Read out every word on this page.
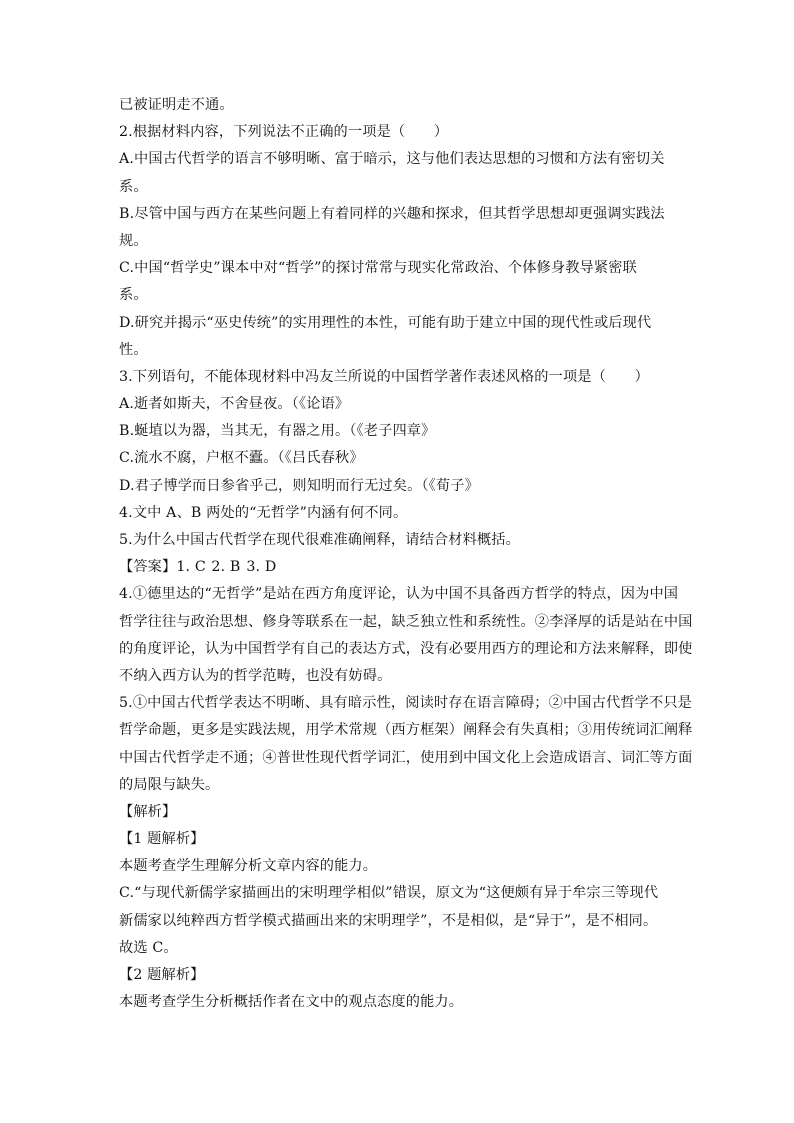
已被证明走不通。
2.根据材料内容，下列说法不正确的一项是（　　）
A.中国古代哲学的语言不够明晰、富于暗示，这与他们表达思想的习惯和方法有密切关
系。
B.尽管中国与西方在某些问题上有着同样的兴趣和探求，但其哲学思想却更强调实践法
规。
C.中国“哲学史”课本中对“哲学”的探讨常常与现实化常政治、个体修身教导紧密联
系。
D.研究并揭示“巫史传统”的实用理性的本性，可能有助于建立中国的现代性或后现代
性。
3.下列语句，不能体现材料中冯友兰所说的中国哲学著作表述风格的一项是（　　）
A.逝者如斯夫，不舍昼夜。（《论语》
B.蜒埴以为器，当其无，有器之用。（《老子四章》
C.流水不腐，户枢不蠹。（《吕氏春秋》
D.君子博学而日参省乎己，则知明而行无过矣。（《荀子》
4.文中 A、B 两处的“无哲学”内涵有何不同。
5.为什么中国古代哲学在现代很难准确阐释，请结合材料概括。
【答案】1. C 2. B 3. D
4.①德里达的“无哲学”是站在西方角度评论，认为中国不具备西方哲学的特点，因为中国
哲学往往与政治思想、修身等联系在一起，缺乏独立性和系统性。②李泽厚的话是站在中国
的角度评论，认为中国哲学有自己的表达方式，没有必要用西方的理论和方法来解释，即使
不纳入西方认为的哲学范畴，也没有妨碍。
5.①中国古代哲学表达不明晰、具有暗示性，阅读时存在语言障碍；②中国古代哲学不只是
哲学命题，更多是实践法规，用学术常规（西方框架）阐释会有失真相；③用传统词汇阐释
中国古代哲学走不通；④普世性现代哲学词汇，使用到中国文化上会造成语言、词汇等方面
的局限与缺失。
【解析】
【1 题解析】
本题考查学生理解分析文章内容的能力。
C.“与现代新儒学家描画出的宋明理学相似”错误，原文为“这便颇有异于牟宗三等现代
新儒家以纯粹西方哲学模式描画出来的宋明理学”，不是相似，是“异于”，是不相同。
故选 C。
【2 题解析】
本题考查学生分析概括作者在文中的观点态度的能力。
